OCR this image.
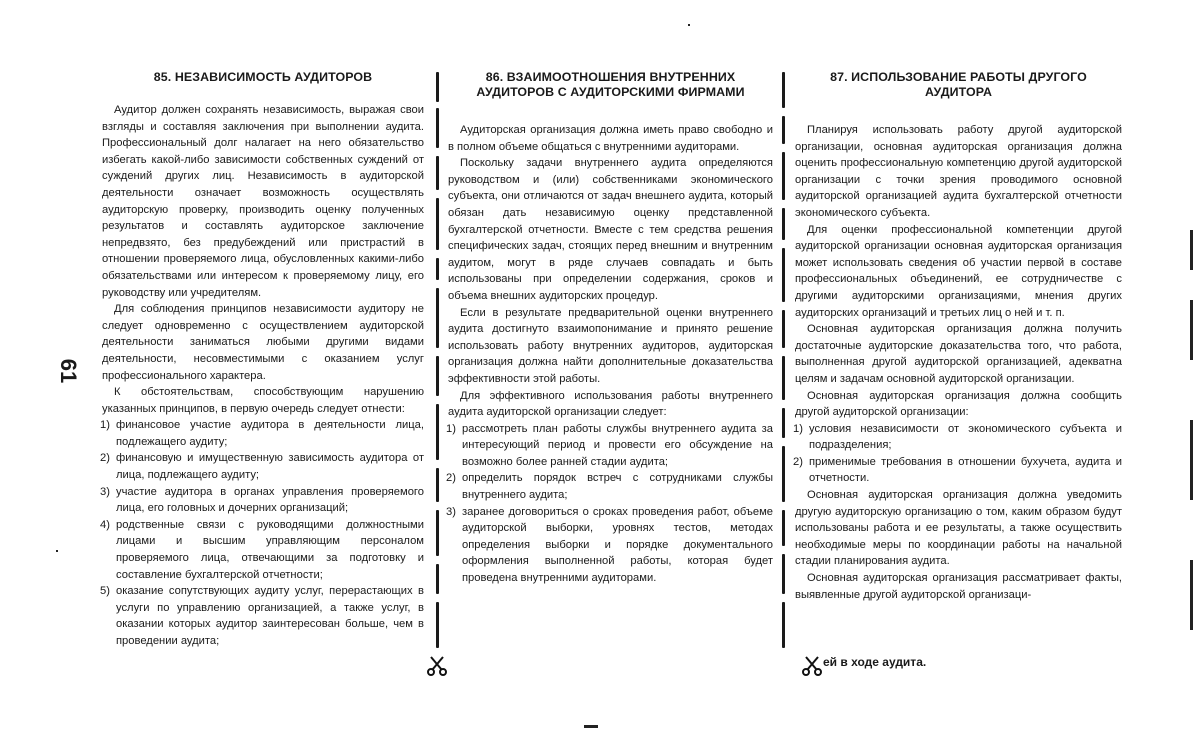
61
85. НЕЗАВИСИМОСТЬ АУДИТОРОВ

Аудитор должен сохранять независимость, выражая свои взгляды и составляя заключения при выполнении аудита. Профессиональный долг налагает на него обязательство избегать какой-либо зависимости собственных суждений от суждений других лиц. Независимость в аудиторской деятельности означает возможность осуществлять аудиторскую проверку, производить оценку полученных результатов и составлять аудиторское заключение непредвзято, без предубеждений или пристрастий в отношении проверяемого лица, обусловленных какими-либо обязательствами или интересом к проверяемому лицу, его руководству или учредителям.

Для соблюдения принципов независимости аудитору не следует одновременно с осуществлением аудиторской деятельности заниматься любыми другими видами деятельности, несовместимыми с оказанием услуг профессионального характера.

К обстоятельствам, способствующим нарушению указанных принципов, в первую очередь следует отнести:

1) финансовое участие аудитора в деятельности лица, подлежащего аудиту;
2) финансовую и имущественную зависимость аудитора от лица, подлежащего аудиту;
3) участие аудитора в органах управления проверяемого лица, его головных и дочерних организаций;
4) родственные связи с руководящими должностными лицами и высшим управляющим персоналом проверяемого лица, отвечающими за подготовку и составление бухгалтерской отчетности;
5) оказание сопутствующих аудиту услуг, перерастающих в услуги по управлению организацией, а также услуг, в оказании которых аудитор заинтересован больше, чем в проведении аудита;
86. ВЗАИМООТНОШЕНИЯ ВНУТРЕННИХ АУДИТОРОВ С АУДИТОРСКИМИ ФИРМАМИ

Аудиторская организация должна иметь право свободно и в полном объеме общаться с внутренними аудиторами.

Поскольку задачи внутреннего аудита определяются руководством и (или) собственниками экономического субъекта, они отличаются от задач внешнего аудита, который обязан дать независимую оценку представленной бухгалтерской отчетности. Вместе с тем средства решения специфических задач, стоящих перед внешним и внутренним аудитом, могут в ряде случаев совпадать и быть использованы при определении содержания, сроков и объема внешних аудиторских процедур.

Если в результате предварительной оценки внутреннего аудита достигнуто взаимопонимание и принято решение использовать работу внутренних аудиторов, аудиторская организация должна найти дополнительные доказательства эффективности этой работы.

Для эффективного использования работы внутреннего аудита аудиторской организации следует:

1) рассмотреть план работы службы внутреннего аудита за интересующий период и провести его обсуждение на возможно более ранней стадии аудита;
2) определить порядок встреч с сотрудниками службы внутреннего аудита;
3) заранее договориться о сроках проведения работ, объеме аудиторской выборки, уровнях тестов, методах определения выборки и порядке документального оформления выполненной работы, которая будет проведена внутренними аудиторами.
87. ИСПОЛЬЗОВАНИЕ РАБОТЫ ДРУГОГО АУДИТОРА

Планируя использовать работу другой аудиторской организации, основная аудиторская организация должна оценить профессиональную компетенцию другой аудиторской организации с точки зрения проводимого основной аудиторской организацией аудита бухгалтерской отчетности экономического субъекта.

Для оценки профессиональной компетенции другой аудиторской организации основная аудиторская организация может использовать сведения об участии первой в составе профессиональных объединений, ее сотрудничестве с другими аудиторскими организациями, мнения других аудиторских организаций и третьих лиц о ней и т. п.

Основная аудиторская организация должна получить достаточные аудиторские доказательства того, что работа, выполненная другой аудиторской организацией, адекватна целям и задачам основной аудиторской организации.

Основная аудиторская организация должна сообщить другой аудиторской организации:

1) условия независимости от экономического субъекта и подразделения;
2) применимые требования в отношении бухучета, аудита и отчетности.

Основная аудиторская организация должна уведомить другую аудиторскую организацию о том, каким образом будут использованы работа и ее результаты, а также осуществить необходимые меры по координации работы на начальной стадии планирования аудита.

Основная аудиторская организация рассматривает факты, выявленные другой аудиторской организаци-

ей в ходе аудита.
